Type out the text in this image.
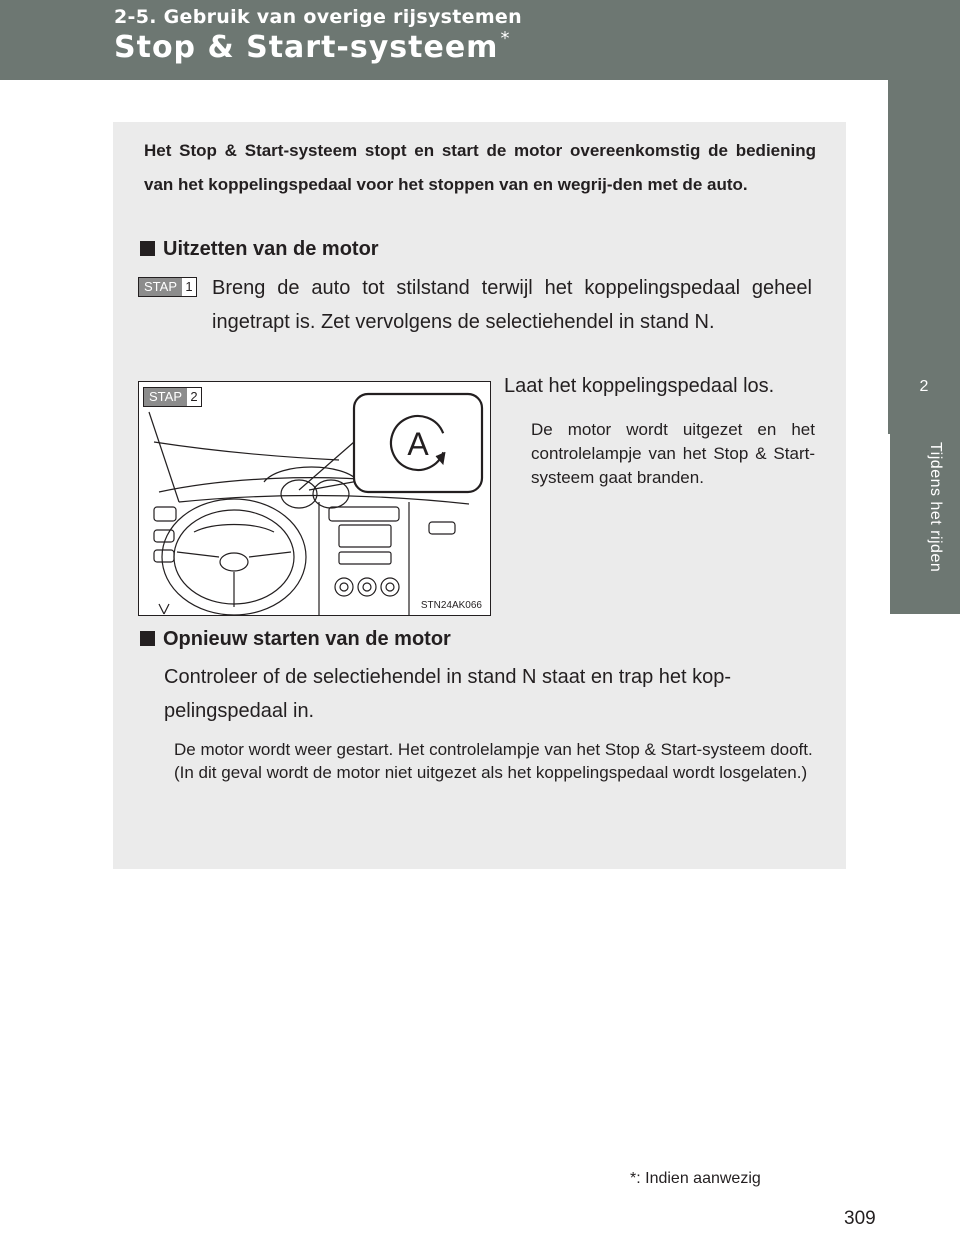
2-5. Gebruik van overige rijsystemen
Stop & Start-systeem *
2
Tijdens het rijden
Het Stop & Start-systeem stopt en start de motor overeenkomstig de bediening van het koppelingspedaal voor het stoppen van en wegrij-den met de auto.
Uitzetten van de motor
STAP 1 Breng de auto tot stilstand terwijl het koppelingspedaal geheel ingetrapt is. Zet vervolgens de selectiehendel in stand N.
Laat het koppelingspedaal los.
De motor wordt uitgezet en het controlelampje van het Stop & Start-systeem gaat branden.
A
STAP 2
STN24AK066
Opnieuw starten van de motor
Controleer of de selectiehendel in stand N staat en trap het kop-pelingspedaal in.
De motor wordt weer gestart. Het controlelampje van het Stop & Start-systeem dooft.
(In dit geval wordt de motor niet uitgezet als het koppelingspedaal wordt losgelaten.)
*: Indien aanwezig
309
